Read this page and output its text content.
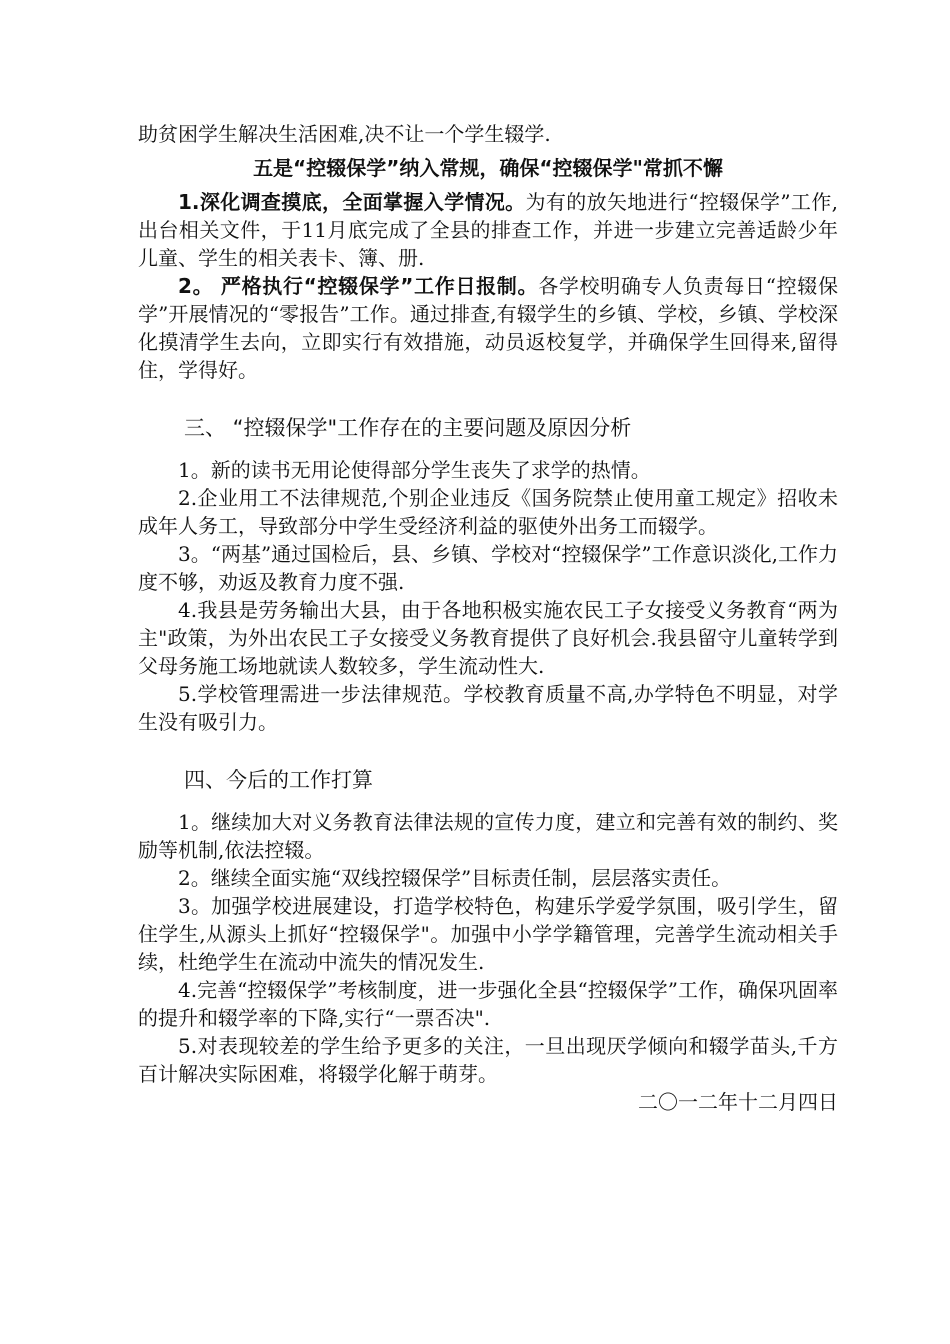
助贫困学生解决生活困难,决不让一个学生辍学.

五是“控辍保学”纳入常规，确保“控辍保学"常抓不懈

1.深化调查摸底，全面掌握入学情况。为有的放矢地进行“控辍保学”工作,出台相关文件，于11月底完成了全县的排查工作，并进一步建立完善适龄少年儿童、学生的相关表卡、簿、册.

2。 严格执行“控辍保学”工作日报制。各学校明确专人负责每日“控辍保学”开展情况的“零报告”工作。通过排查,有辍学生的乡镇、学校，乡镇、学校深化摸清学生去向，立即实行有效措施，动员返校复学，并确保学生回得来,留得住，学得好。

三、 “控辍保学"工作存在的主要问题及原因分析

1。新的读书无用论使得部分学生丧失了求学的热情。

2.企业用工不法律规范,个别企业违反《国务院禁止使用童工规定》招收未成年人务工，导致部分中学生受经济利益的驱使外出务工而辍学。

3。“两基”通过国检后，县、乡镇、学校对“控辍保学”工作意识淡化,工作力度不够，劝返及教育力度不强.

4.我县是劳务输出大县，由于各地积极实施农民工子女接受义务教育“两为主"政策，为外出农民工子女接受义务教育提供了良好机会.我县留守儿童转学到父母务施工场地就读人数较多，学生流动性大.

5.学校管理需进一步法律规范。学校教育质量不高,办学特色不明显，对学生没有吸引力。

四、今后的工作打算

1。继续加大对义务教育法律法规的宣传力度，建立和完善有效的制约、奖励等机制,依法控辍。

2。继续全面实施“双线控辍保学”目标责任制，层层落实责任。

3。加强学校进展建设，打造学校特色，构建乐学爱学氛围，吸引学生，留住学生,从源头上抓好“控辍保学"。加强中小学学籍管理，完善学生流动相关手续，杜绝学生在流动中流失的情况发生.

4.完善“控辍保学”考核制度，进一步强化全县“控辍保学”工作，确保巩固率的提升和辍学率的下降,实行“一票否决".

5.对表现较差的学生给予更多的关注，一旦出现厌学倾向和辍学苗头,千方百计解决实际困难，将辍学化解于萌芽。

二〇一二年十二月四日
